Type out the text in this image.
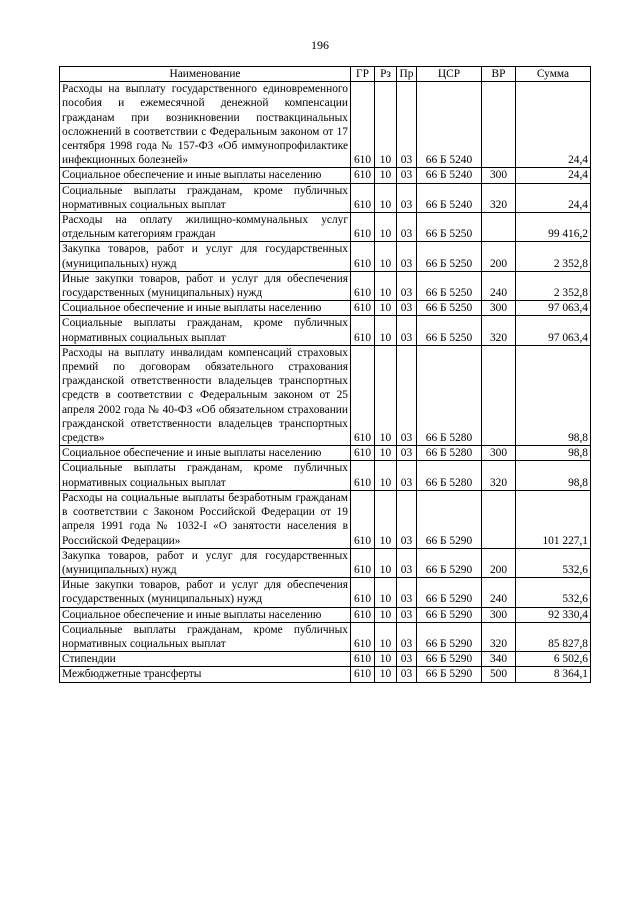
196
Наименование	ГР	Рз	Пр	ЦСР	ВР	Сумма
Расходы на выплату государственного единовременного пособия и ежемесячной денежной компенсации гражданам при возникновении поствакцинальных осложнений в соответствии с Федеральным законом от 17 сентября 1998 года № 157-ФЗ «Об иммунопрофилактике инфекционных болезней»	610	10	03	66 Б 5240		24,4
Социальное обеспечение и иные выплаты населению	610	10	03	66 Б 5240	300	24,4
Социальные выплаты гражданам, кроме публичных нормативных социальных выплат	610	10	03	66 Б 5240	320	24,4
Расходы на оплату жилищно-коммунальных услуг отдельным категориям граждан	610	10	03	66 Б 5250		99 416,2
Закупка товаров, работ и услуг для государственных (муниципальных) нужд	610	10	03	66 Б 5250	200	2 352,8
Иные закупки товаров, работ и услуг для обеспечения государственных (муниципальных) нужд	610	10	03	66 Б 5250	240	2 352,8
Социальное обеспечение и иные выплаты населению	610	10	03	66 Б 5250	300	97 063,4
Социальные выплаты гражданам, кроме публичных нормативных социальных выплат	610	10	03	66 Б 5250	320	97 063,4
Расходы на выплату инвалидам компенсаций страховых премий по договорам обязательного страхования гражданской ответственности владельцев транспортных средств в соответствии с Федеральным законом от 25 апреля 2002 года № 40-ФЗ «Об обязательном страховании гражданской ответственности владельцев транспортных средств»	610	10	03	66 Б 5280		98,8
Социальное обеспечение и иные выплаты населению	610	10	03	66 Б 5280	300	98,8
Социальные выплаты гражданам, кроме публичных нормативных социальных выплат	610	10	03	66 Б 5280	320	98,8
Расходы на социальные выплаты безработным гражданам в соответствии с Законом Российской Федерации от 19 апреля 1991 года № 1032-I «О занятости населения в Российской Федерации»	610	10	03	66 Б 5290		101 227,1
Закупка товаров, работ и услуг для государственных (муниципальных) нужд	610	10	03	66 Б 5290	200	532,6
Иные закупки товаров, работ и услуг для обеспечения государственных (муниципальных) нужд	610	10	03	66 Б 5290	240	532,6
Социальное обеспечение и иные выплаты населению	610	10	03	66 Б 5290	300	92 330,4
Социальные выплаты гражданам, кроме публичных нормативных социальных выплат	610	10	03	66 Б 5290	320	85 827,8
Стипендии	610	10	03	66 Б 5290	340	6 502,6
Межбюджетные трансферты	610	10	03	66 Б 5290	500	8 364,1
